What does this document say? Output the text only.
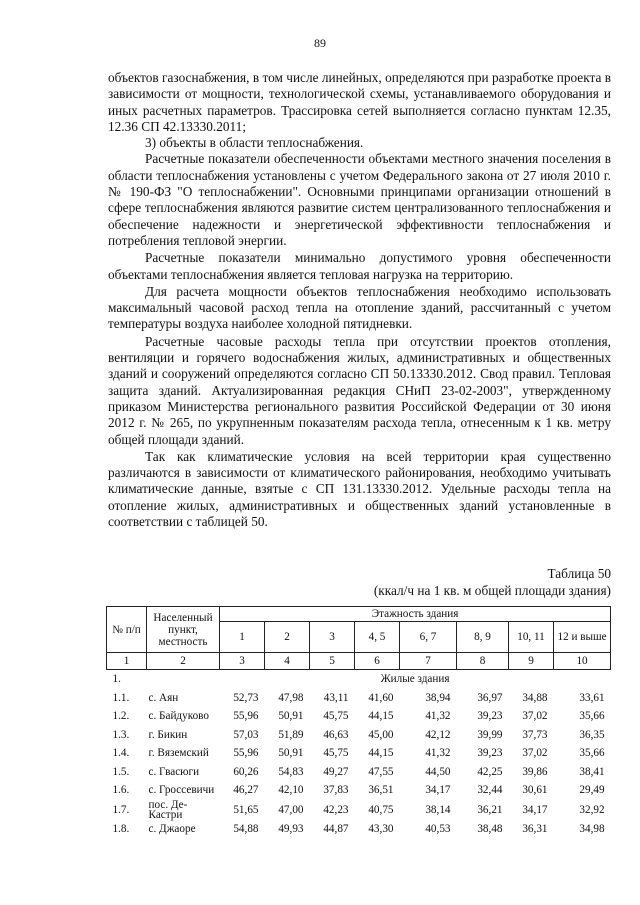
89

объектов газоснабжения, в том числе линейных, определяются при разработке проекта в зависимости от мощности, технологической схемы, устанавливаемого оборудования и иных расчетных параметров. Трассировка сетей выполняется согласно пунктам 12.35, 12.36 СП 42.13330.2011;

3) объекты в области теплоснабжения.

Расчетные показатели обеспеченности объектами местного значения поселения в области теплоснабжения установлены с учетом Федерального закона от 27 июля 2010 г. № 190-ФЗ "О теплоснабжении". Основными принципами организации отношений в сфере теплоснабжения являются развитие систем централизованного теплоснабжения и обеспечение надежности и энергетической эффективности теплоснабжения и потребления тепловой энергии.

Расчетные показатели минимально допустимого уровня обеспеченности объектами теплоснабжения является тепловая нагрузка на территорию.

Для расчета мощности объектов теплоснабжения необходимо использовать максимальный часовой расход тепла на отопление зданий, рассчитанный с учетом температуры воздуха наиболее холодной пятидневки.

Расчетные часовые расходы тепла при отсутствии проектов отопления, вентиляции и горячего водоснабжения жилых, административных и общественных зданий и сооружений определяются согласно СП 50.13330.2012. Свод правил. Тепловая защита зданий. Актуализированная редакция СНиП 23-02-2003", утвержденному приказом Министерства регионального развития Российской Федерации от 30 июня 2012 г. № 265, по укрупненным показателям расхода тепла, отнесенным к 1 кв. метру общей площади зданий.

Так как климатические условия на всей территории края существенно различаются в зависимости от климатического районирования, необходимо учитывать климатические данные, взятые с СП 131.13330.2012. Удельные расходы тепла на отопление жилых, административных и общественных зданий установленные в соответствии с таблицей 50.

Таблица 50
(ккал/ч на 1 кв. м общей площади здания)
№ п/п	Населенный пункт, местность	Этажность здания							
		1	2	3	4, 5	6, 7	8, 9	10, 11	12 и выше
1	2	3	4	5	6	7	8	9	10
1.		Жилые здания							
1.1.	с. Аян	52,73	47,98	43,11	41,60	38,94	36,97	34,88	33,61
1.2.	с. Байдуково	55,96	50,91	45,75	44,15	41,32	39,23	37,02	35,66
1.3.	г. Бикин	57,03	51,89	46,63	45,00	42,12	39,99	37,73	36,35
1.4.	г. Вяземский	55,96	50,91	45,75	44,15	41,32	39,23	37,02	35,66
1.5.	с. Гвасюги	60,26	54,83	49,27	47,55	44,50	42,25	39,86	38,41
1.6.	с. Гроссевичи	46,27	42,10	37,83	36,51	34,17	32,44	30,61	29,49
1.7.	пос. Де-Кастри	51,65	47,00	42,23	40,75	38,14	36,21	34,17	32,92
1.8.	с. Джаоре	54,88	49,93	44,87	43,30	40,53	38,48	36,31	34,98
